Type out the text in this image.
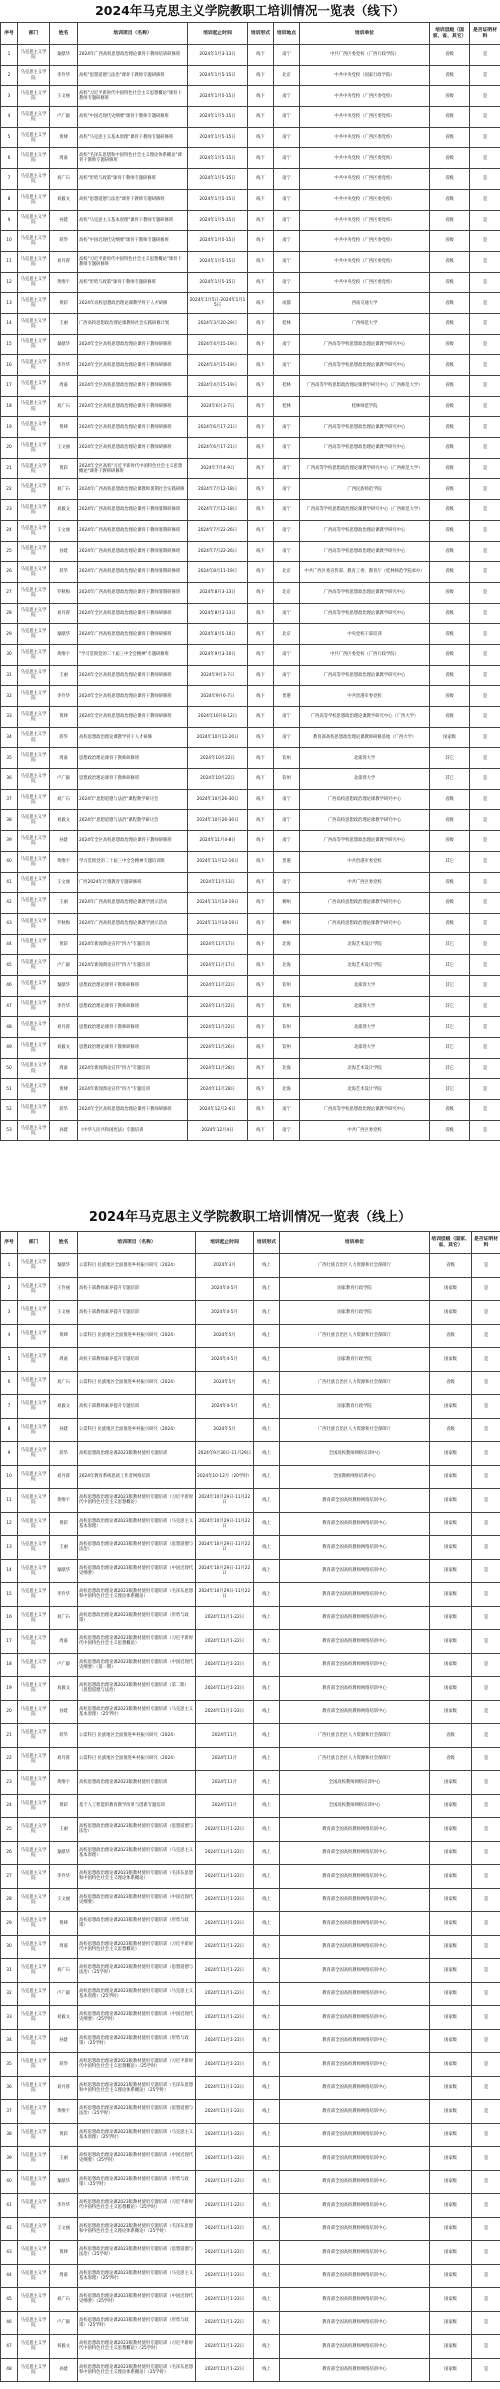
2024年马克思主义学院教职工培训情况一览表（线下）
序号	部门	姓名	培训项目（名称）	培训起止时间	培训形式	培训地点	培训单位	培训层级（国家、省、其它）	是否证明材料
1	马克思主义学院	秦献华	2024年广西高校思想政治理论课骨干教师培训研修班	2024年1月3-13日	线下	南宁	中共广西区委党校（广西行政学院）	省级	是
2	马克思主义学院	李伶华	高校"思想道德与法治"课骨干教师专题研修班	2024年1月5-15日	线下	北京	中共中央党校（国家行政学院）	省级	是
3	马克思主义学院	王文丽	高校"习近平新时代中国特色社会主义思想概论"课骨干教师专题研修班	2024年1月5-15日	线下	南宁	中共中央党校（广西区委党校）	省级	是
4	马克思主义学院	卢广毅	高校"中国近现代史纲要"课骨干教师专题研修班	2024年1月5-15日	线下	南宁	中共中央党校（广西区委党校）	省级	是
5	马克思主义学院	黄肆	高校"马克思主义基本原理"课骨干教师专题研修班	2024年1月5-15日	线下	南宁	中共中央党校（广西区委党校）	省级	是
6	马克思主义学院	周嘉	高校"毛泽东思想和中国特色社会主义理论体系概论"课骨干教师专题研修班	2024年1月5-15日	线下	南宁	中共中央党校（广西区委党校）	省级	是
7	马克思主义学院	刘广石	高校"形势与政策"课骨干教师专题研修班	2024年1月5-15日	线下	南宁	中共中央党校（广西区委党校）	省级	是
8	马克思主义学院	刘毅文	高校"思想道德与法治"课骨干教师专题研修班	2024年1月5-15日	线下	南宁	中共中央党校（广西区委党校）	省级	是
9	马克思主义学院	孙建	高校"马克思主义基本原理"课骨干教师专题研修班	2024年1月5-15日	线下	南宁	中共中央党校（广西区委党校）	省级	是
10	马克思主义学院	蒋华	高校"中国近现代史纲要"课骨干教师专题研修班	2024年1月5-15日	线下	南宁	中共中央党校（广西区委党校）	省级	是
11	马克思主义学院	刘丹蓉	高校"习近平新时代中国特色社会主义思想概论"课骨干教师专题研修班	2024年1月5-15日	线下	南宁	中共中央党校（广西区委党校）	省级	是
12	马克思主义学院	黄维宇	高校"形势与政策"课骨干教师专题研修班	2024年1月5-15日	线下	南宁	中共中央党校（广西区委党校）	省级	是
13	马克思主义学院	黄彩	2024年高校思想政治理论课教学骨干人才研修	2024年1月5日-2024年1月15日	线下	成都	西南交通大学	省级	是
14	马克思主义学院	王丽	广西高校思想政治理论课教师社会实践研修计划	2024年3月20-29日	线下	桂林	广西师范大学	省级	是
15	马克思主义学院	秦献华	2024年全区高校思想政治理论课骨干教师研修班	2024年4月15-19日	线下	南宁	广西高等学校思想政治理论课教学研究中心	省级	是
16	马克思主义学院	李伶华	2024年全区高校思想政治理论课骨干教师研修班	2024年4月15-19日	线下	南宁	广西高等学校思想政治理论课教学研究中心	省级	是
17	马克思主义学院	周嘉	2024年全区高校思想政治理论课骨干教师研修班	2024年4月15-19日	线下	桂林	广西高等学校思想政治理论课教学研究中心（广西师范大学）	省级	是
18	马克思主义学院	刘广石	2024年全区高校思想政治理论课骨干教师研修班	2024年6月3-7日	线下	桂林	桂林师范学院	省级	是
19	马克思主义学院	黄肆	2024年全区高校思想政治理论课骨干教师研修班	2024年6月17-21日	线下	南宁	广西高等学校思想政治理论课教学研究中心	省级	是
20	马克思主义学院	王文丽	2024年全区高校思想政治理论课骨干教师研修班	2024年6月17-21日	线下	南宁	广西高等学校思想政治理论课教学研究中心	省级	是
21	马克思主义学院	黄彩	2024年全区高校"习近平新时代中国特色社会主义思想概论"课骨干教师研修班	2024年7月4-9日	线下	南宁	广西高等学校思想政治理论课教学研究中心（广西师范大学）	省级	是
22	马克思主义学院	刘广石	2024年广西高校思想政治理论课教师暑期社会实践研修	2024年7月12-18日	线下	南宁	广西民族师范学院	省级	是
23	马克思主义学院	刘毅文	2024年广西高校思想政治理论课骨干教师暑期研修班	2024年7月12-18日	线下	南宁	广西高等学校思想政治理论课教学研究中心（广西师范大学）	省级	是
24	马克思主义学院	王文丽	2024年广西高校思想政治理论课骨干教师暑期研修班	2024年7月22-26日	线下	南宁	广西高等学校思想政治理论课教学研究中心	省级	是
25	马克思主义学院	孙建	2024年广西高校思想政治理论课骨干教师暑期研修班	2024年7月22-26日	线下	南宁	广西高等学校思想政治理论课教学研究中心	省级	是
26	马克思主义学院	蒋华	2024年广西高校思想政治理论课骨干教师暑期研修班	2024年8月11-19日	线下	北京	中共广西区委宣传部、教育工委、教育厅（桂林师范学院承办）	省级	是
27	马克思主义学院	罗秋梅	2024年广西高校思想政治理论课骨干教师暑期研修班	2024年8月3-13日	线下	北京	广西高等学校思想政治理论课教学研究中心	省级	是
28	马克思主义学院	刘丹蓉	2024年全区高校思想政治理论课骨干教师研修班	2024年8月3-13日	线下	南宁	广西高等学校思想政治理论课教学研究中心	省级	是
29	马克思主义学院	秦献华	2024年广西高校思想政治理论课骨干教师研修班	2024年8月5-10日	线下	北京	中央党校干部培训	省级	是
30	马克思主义学院	黄维宇	"学习贯彻党的二十届三中全会精神"专题研修班	2024年9月3-10日	线下	南宁	中共广西区委党校（广西行政学院）	省级	是
31	马克思主义学院	王丽	2024年全区高校思想政治理论课骨干教师研修班	2024年9月3-7日	线下	南宁	广西高等学校思想政治理论课教学研究中心	省级	是
32	马克思主义学院	李伶华	2024年全区高校思想政治理论课骨干教师研修班	2024年9月6-7日	线下	贵港	中共贵港市委党校	省级	是
33	马克思主义学院	黄肆	2024年全区高校思想政治理论课骨干教师研修班	2024年10月8-12日	线下	南宁	广西高等学校思想政治理论课教学研究中心（广西大学）	省级	是
34	马克思主义学院	蒋华	高校思想政治理论课教学骨干人才研修	2024年10月12-20日	线下	南宁	教育部高校思想政治理论课教师研修基地（广西大学）	国家级	是
35	马克思主义学院	周嘉	思想政治理论课骨干教师研修班	2024年10月22日	线下	钦州	北部湾大学	其它	是
36	马克思主义学院	卢广毅	思想政治理论课骨干教师研修班	2024年10月22日	线下	钦州	北部湾大学	其它	是
37	马克思主义学院	刘广石	2024年"思想道德与法治"课程教学研讨会	2024年10月26-30日	线下	南宁	广西高校思想政治理论课教学研究中心	省级	是
38	马克思主义学院	刘毅文	2024年"思想道德与法治"课程教学研讨会	2024年10月26-30日	线下	南宁	广西高校思想政治理论课教学研究中心	省级	是
39	马克思主义学院	孙建	2024年全区高校思想政治理论课骨干教师研修班	2024年11月4-8日	线下	南宁	广西高等学校思想政治理论课教学研究中心	省级	是
40	马克思主义学院	黄维宇	学习贯彻党的二十届三中全会精神专题培训班	2024年11月12-16日	线下	贵港	中共贵港市委党校	其它	是
41	马克思主义学院	王文丽	广西2024年区情教育专题研修班	2024年11月13日	线下	南宁	中共广西区委党校	省级	是
42	马克思主义学院	王丽	2024年广西高校思想政治理论课教学展示活动	2024年11月14-19日	线下	柳州	广西高校思想政治理论课教学研究中心	省级	是
43	马克思主义学院	罗秋梅	2024年广西高校思想政治理论课教学展示活动	2024年11月14-19日	线下	柳州	广西高校思想政治理论课教学研究中心	省级	是
44	马克思主义学院	黄彩	2024年新闻舆论宣传"四力"专题培训	2024年11月17日	线下	北海	北海艺术设计学院	其它	是
45	马克思主义学院	卢广毅	2024年新闻舆论宣传"四力"专题培训	2024年11月17日	线下	北海	北海艺术设计学院	其它	是
46	马克思主义学院	秦献华	思想政治理论课骨干教师研修班	2024年11月22日	线下	钦州	北部湾大学	其它	是
47	马克思主义学院	李伶华	思想政治理论课骨干教师研修班	2024年11月22日	线下	钦州	北部湾大学	其它	是
48	马克思主义学院	刘丹蓉	思想政治理论课骨干教师研修班	2024年11月22日	线下	钦州	北部湾大学	其它	是
49	马克思主义学院	刘毅文	思想政治理论课骨干教师研修班	2024年11月26日	线下	钦州	北部湾大学	其它	是
50	马克思主义学院	周嘉	2024年新闻舆论宣传"四力"专题培训	2024年11月28日	线下	北海	北海艺术设计学院	其它	是
51	马克思主义学院	黄肆	2024年新闻舆论宣传"四力"专题培训	2024年11月28日	线下	北海	北海艺术设计学院	其它	是
52	马克思主义学院	蒋华	2024年全区高校思想政治理论课骨干教师研修班	2024年12月2-6日	线下	南宁	广西高等学校思想政治理论课教学研究中心	省级	是
53	马克思主义学院	孙建	《中华人民共和国宪法》专题培训	2024年12月4日	线下	南宁	中共广西区委党校	省级	是
2024年马克思主义学院教职工培训情况一览表（线上）
序号	部门	姓名	培训项目（名称）	培训起止时间	培训形式	培训单位	培训层级（国家、省、其它）	是否证明材料
1	马克思主义学院	秦献华	公需科目 民族地区全面推进乡村振兴研究（2024）	2024年3月	线上	广西壮族自治区人力资源和社会保障厅	省级	是
2	马克思主义学院	王伶丽	高校干部教师素养提升专题培训	2024年4-5月	线上	国家教育行政学院	国家级	是
3	马克思主义学院	王文丽	高校干部教师素养提升专题培训	2024年4-5月	线上	国家教育行政学院	国家级	是
4	马克思主义学院	黄肆	公需科目 民族地区全面推进乡村振兴研究（2024）	2024年5月	线上	广西壮族自治区人力资源和社会保障厅	省级	是
5	马克思主义学院	周嘉	高校干部教师素养提升专题培训	2024年4-5月	线上	国家教育行政学院	国家级	是
6	马克思主义学院	刘广石	公需科目 民族地区全面推进乡村振兴研究（2024）	2024年5月	线上	广西壮族自治区人力资源和社会保障厅	省级	是
7	马克思主义学院	刘毅文	高校干部教师素养提升专题培训	2024年4-5月	线上	国家教育行政学院	国家级	是
8	马克思主义学院	孙建	公需科目 民族地区全面推进乡村振兴研究（2024）	2024年5月	线上	广西壮族自治区人力资源和社会保障厅	省级	是
9	马克思主义学院	蒋华	高校思想政治理论课2023版教材使用专题培训	2024年9月30日-11月29日	线上	全国高校教师网络培训中心	国家级	是
10	马克思主义学院	刘丹蓉	2024年教育系统思政工作者网络培训	2024年10-12月（20学时）	线上	全国教师网络培训中心	国家级	是
11	马克思主义学院	黄维宇	高校思想政治理论课2023版教材使用专题培训（习近平新时代中国特色社会主义思想概论）	2024年10月29日-11月22日	线上	教育部全国高校教师网络培训中心	国家级	是
12	马克思主义学院	黄彩	高校思想政治理论课2023版教材使用专题培训（马克思主义基本原理）	2024年10月29日-11月22日	线上	教育部全国高校教师网络培训中心	国家级	是
13	马克思主义学院	王丽	高校思想政治理论课2023版教材使用专题培训（思想道德与法治）	2024年10月29日-11月22日	线上	教育部全国高校教师网络培训中心	国家级	是
14	马克思主义学院	秦献华	高校思想政治理论课2023版教材使用专题培训（中国近现代史纲要）	2024年10月29日-11月22日	线上	教育部全国高校教师网络培训中心	国家级	是
15	马克思主义学院	李伶华	高校思想政治理论课2023版教材使用专题培训（毛泽东思想和中国特色社会主义理论体系概论）	2024年10月29日-11月22日	线上	教育部全国高校教师网络培训中心	国家级	是
16	马克思主义学院	刘广石	高校思想政治理论课2023版教材使用专题培训（形势与政策）	2024年11月1-22日	线上	教育部全国高校教师网络培训中心	国家级	是
17	马克思主义学院	周嘉	高校思想政治理论课2023版教材使用专题培训（习近平新时代中国特色社会主义思想概论）	2024年11月1-22日	线上	教育部全国高校教师网络培训中心	国家级	是
18	马克思主义学院	卢广毅	高校思想政治理论课2023版教材使用专题培训（中国近现代史纲要）（第一期）	2024年11月1-22日	线上	教育部全国高校教师网络培训中心	国家级	是
19	马克思主义学院	刘毅文	高校思想政治理论课2023版教材使用专题培训（第二期）（思想道德与法治）	2024年11月1-22日	线上	教育部全国高校教师网络培训中心	国家级	是
20	马克思主义学院	孙建	高校思想政治理论课2023版教材使用专题培训（马克思主义基本原理）（25学时）	2024年11月1-22日	线上	教育部全国高校教师网络培训中心	国家级	是
21	马克思主义学院	蒋华	公需科目 民族地区全面推进乡村振兴研究（2024）	2024年11月	线上	广西壮族自治区人力资源和社会保障厅	省级	是
22	马克思主义学院	刘丹蓉	公需科目 民族地区全面推进乡村振兴研究（2024）	2024年11月	线上	广西壮族自治区人力资源和社会保障厅	省级	是
23	马克思主义学院	黄维宇	高校思想政治理论课2023版教材使用专题培训	2024年11月	线上	全国高校教师网络培训中心	国家级	是
24	马克思主义学院	黄彩	基于人工智能的教育教学改革与创新专题培训	2024年11月	线上	全国高校教师网络培训中心	国家级	是
25	马克思主义学院	王丽	高校思想政治理论课2023版教材使用专题培训（思想道德与法治）	2024年11月1-22日	线上	教育部全国高校教师网络培训中心	国家级	是
26	马克思主义学院	秦献华	高校思想政治理论课2023版教材使用专题培训（马克思主义基本原理）	2024年11月1-22日	线上	教育部全国高校教师网络培训中心	国家级	是
27	马克思主义学院	李伶华	高校思想政治理论课2023版教材使用专题培训（毛泽东思想和中国特色社会主义理论体系概论）	2024年11月1-22日	线上	教育部全国高校教师网络培训中心	国家级	是
28	马克思主义学院	王文丽	高校思想政治理论课2023版教材使用专题培训（中国近现代史纲要）	2024年11月1-22日	线上	教育部全国高校教师网络培训中心	国家级	是
29	马克思主义学院	黄肆	高校思想政治理论课2023版教材使用专题培训（形势与政策）	2024年11月1-22日	线上	教育部全国高校教师网络培训中心	国家级	是
30	马克思主义学院	周嘉	高校思想政治理论课2023版教材使用专题培训（习近平新时代中国特色社会主义思想概论）	2024年11月1-22日	线上	教育部全国高校教师网络培训中心	国家级	是
31	马克思主义学院	刘广石	高校思想政治理论课2023版教材使用专题培训（思想道德与法治）（25学时）	2024年11月1-22日	线上	教育部全国高校教师网络培训中心	国家级	是
32	马克思主义学院	卢广毅	高校思想政治理论课2023版教材使用专题培训（马克思主义基本原理）（25学时）	2024年11月1-22日	线上	教育部全国高校教师网络培训中心	国家级	是
33	马克思主义学院	刘毅文	高校思想政治理论课2023版教材使用专题培训（中国近现代史纲要）（25学时）	2024年11月1-22日	线上	教育部全国高校教师网络培训中心	国家级	是
34	马克思主义学院	孙建	高校思想政治理论课2023版教材使用专题培训（形势与政策）（25学时）	2024年11月1-22日	线上	教育部全国高校教师网络培训中心	国家级	是
35	马克思主义学院	蒋华	高校思想政治理论课2023版教材使用专题培训（习近平新时代中国特色社会主义思想概论）（25学时）	2024年11月1-22日	线上	教育部全国高校教师网络培训中心	国家级	是
36	马克思主义学院	刘丹蓉	高校思想政治理论课2023版教材使用专题培训（毛泽东思想和中国特色社会主义理论体系概论）（25学时）	2024年11月1-22日	线上	教育部全国高校教师网络培训中心	国家级	是
37	马克思主义学院	黄维宇	高校思想政治理论课2023版教材使用专题培训（思想道德与法治）（25学时）	2024年11月1-22日	线上	教育部全国高校教师网络培训中心	国家级	是
38	马克思主义学院	黄彩	高校思想政治理论课2023版教材使用专题培训（马克思主义基本原理）（25学时）	2024年11月1-22日	线上	教育部全国高校教师网络培训中心	国家级	是
39	马克思主义学院	王丽	高校思想政治理论课2023版教材使用专题培训（中国近现代史纲要）（25学时）	2024年11月1-22日	线上	教育部全国高校教师网络培训中心	国家级	是
40	马克思主义学院	秦献华	高校思想政治理论课2023版教材使用专题培训（形势与政策）（25学时）	2024年11月1-22日	线上	教育部全国高校教师网络培训中心	国家级	是
41	马克思主义学院	李伶华	高校思想政治理论课2023版教材使用专题培训（习近平新时代中国特色社会主义思想概论）（25学时）	2024年11月1-22日	线上	教育部全国高校教师网络培训中心	国家级	是
42	马克思主义学院	王文丽	高校思想政治理论课2023版教材使用专题培训（毛泽东思想和中国特色社会主义理论体系概论）（25学时）	2024年11月1-22日	线上	教育部全国高校教师网络培训中心	国家级	是
43	马克思主义学院	黄肆	高校思想政治理论课2023版教材使用专题培训（思想道德与法治）（25学时）	2024年11月1-22日	线上	教育部全国高校教师网络培训中心	国家级	是
44	马克思主义学院	周嘉	高校思想政治理论课2023版教材使用专题培训（马克思主义基本原理）（25学时）	2024年11月1-22日	线上	教育部全国高校教师网络培训中心	国家级	是
45	马克思主义学院	刘广石	高校思想政治理论课2023版教材使用专题培训（中国近现代史纲要）（25学时）	2024年11月1-22日	线上	教育部全国高校教师网络培训中心	国家级	是
46	马克思主义学院	卢广毅	高校思想政治理论课2023版教材使用专题培训（形势与政策）（25学时）	2024年11月1-22日	线上	教育部全国高校教师网络培训中心	国家级	是
47	马克思主义学院	刘毅文	高校思想政治理论课2023版教材使用专题培训（习近平新时代中国特色社会主义思想概论）（25学时）	2024年11月1-22日	线上	教育部全国高校教师网络培训中心	国家级	是
48	马克思主义学院	孙建	高校思想政治理论课2023版教材使用专题培训（毛泽东思想和中国特色社会主义理论体系概论）（25学时）	2024年11月1-22日	线上	教育部全国高校教师网络培训中心	国家级	是
